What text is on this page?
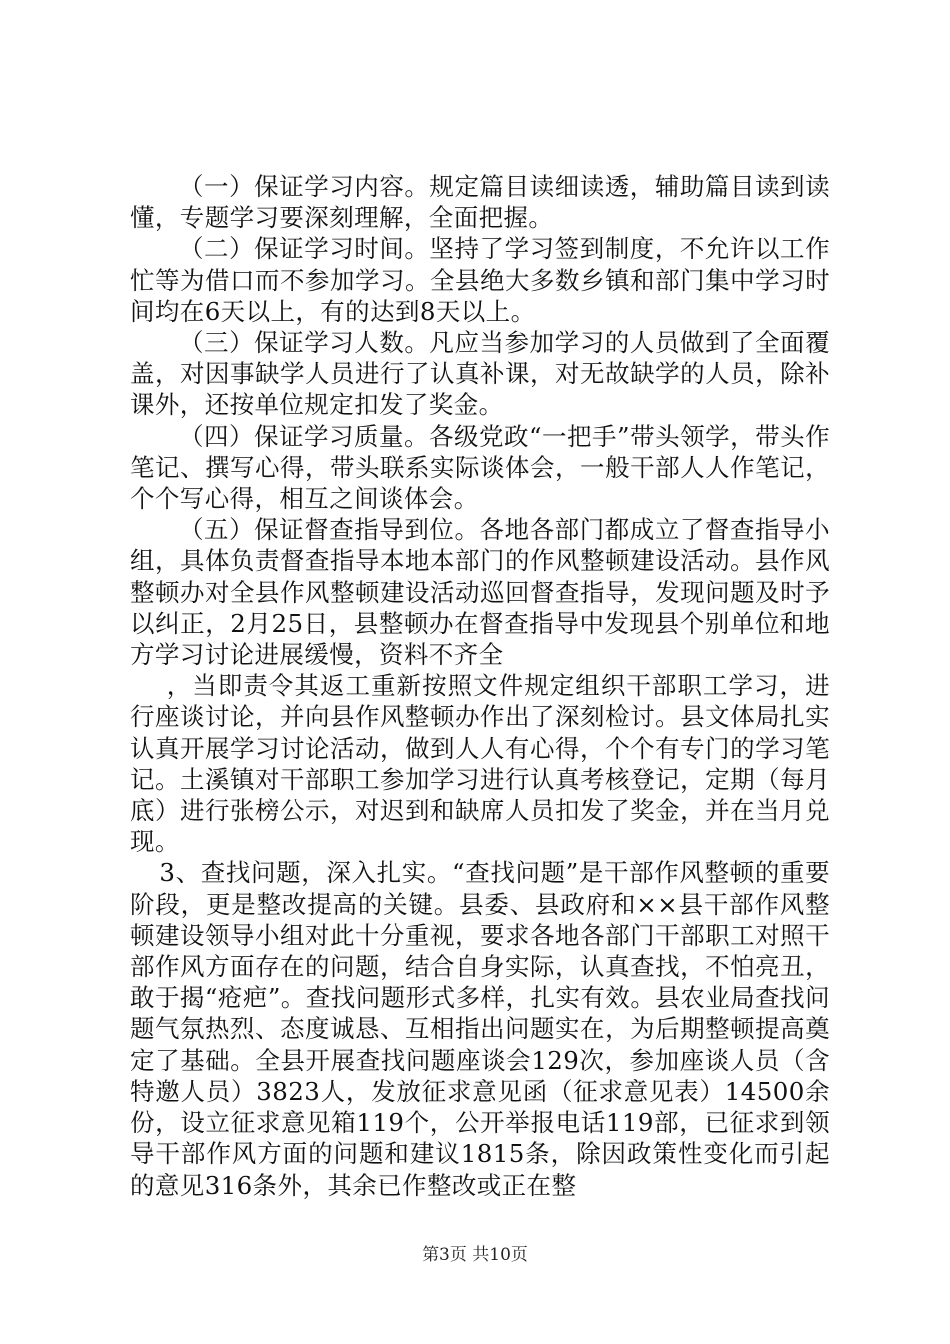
（一）保证学习内容。规定篇目读细读透，辅助篇目读到读懂，专题学习要深刻理解，全面把握。

（二）保证学习时间。坚持了学习签到制度，不允许以工作忙等为借口而不参加学习。全县绝大多数乡镇和部门集中学习时间均在6天以上，有的达到8天以上。

（三）保证学习人数。凡应当参加学习的人员做到了全面覆盖，对因事缺学人员进行了认真补课，对无故缺学的人员，除补课外，还按单位规定扣发了奖金。

（四）保证学习质量。各级党政“一把手”带头领学，带头作笔记、撰写心得，带头联系实际谈体会，一般干部人人作笔记，个个写心得，相互之间谈体会。

（五）保证督查指导到位。各地各部门都成立了督查指导小组，具体负责督查指导本地本部门的作风整顿建设活动。县作风整顿办对全县作风整顿建设活动巡回督查指导，发现问题及时予以纠正，2月25日，县整顿办在督查指导中发现县个别单位和地方学习讨论进展缓慢，资料不齐全

，当即责令其返工重新按照文件规定组织干部职工学习，进行座谈讨论，并向县作风整顿办作出了深刻检讨。县文体局扎实认真开展学习讨论活动，做到人人有心得，个个有专门的学习笔记。土溪镇对干部职工参加学习进行认真考核登记，定期（每月底）进行张榜公示，对迟到和缺席人员扣发了奖金，并在当月兑现。

3、查找问题，深入扎实。“查找问题”是干部作风整顿的重要阶段，更是整改提高的关键。县委、县政府和××县干部作风整顿建设领导小组对此十分重视，要求各地各部门干部职工对照干部作风方面存在的问题，结合自身实际，认真查找，不怕亮丑，敢于揭“疮疤”。查找问题形式多样，扎实有效。县农业局查找问题气氛热烈、态度诚恳、互相指出问题实在，为后期整顿提高奠定了基础。全县开展查找问题座谈会129次，参加座谈人员（含特邀人员）3823人，发放征求意见函（征求意见表）14500余份，设立征求意见箱119个，公开举报电话119部，已征求到领导干部作风方面的问题和建议1815条，除因政策性变化而引起的意见316条外，其余已作整改或正在整

第3页 共10页
